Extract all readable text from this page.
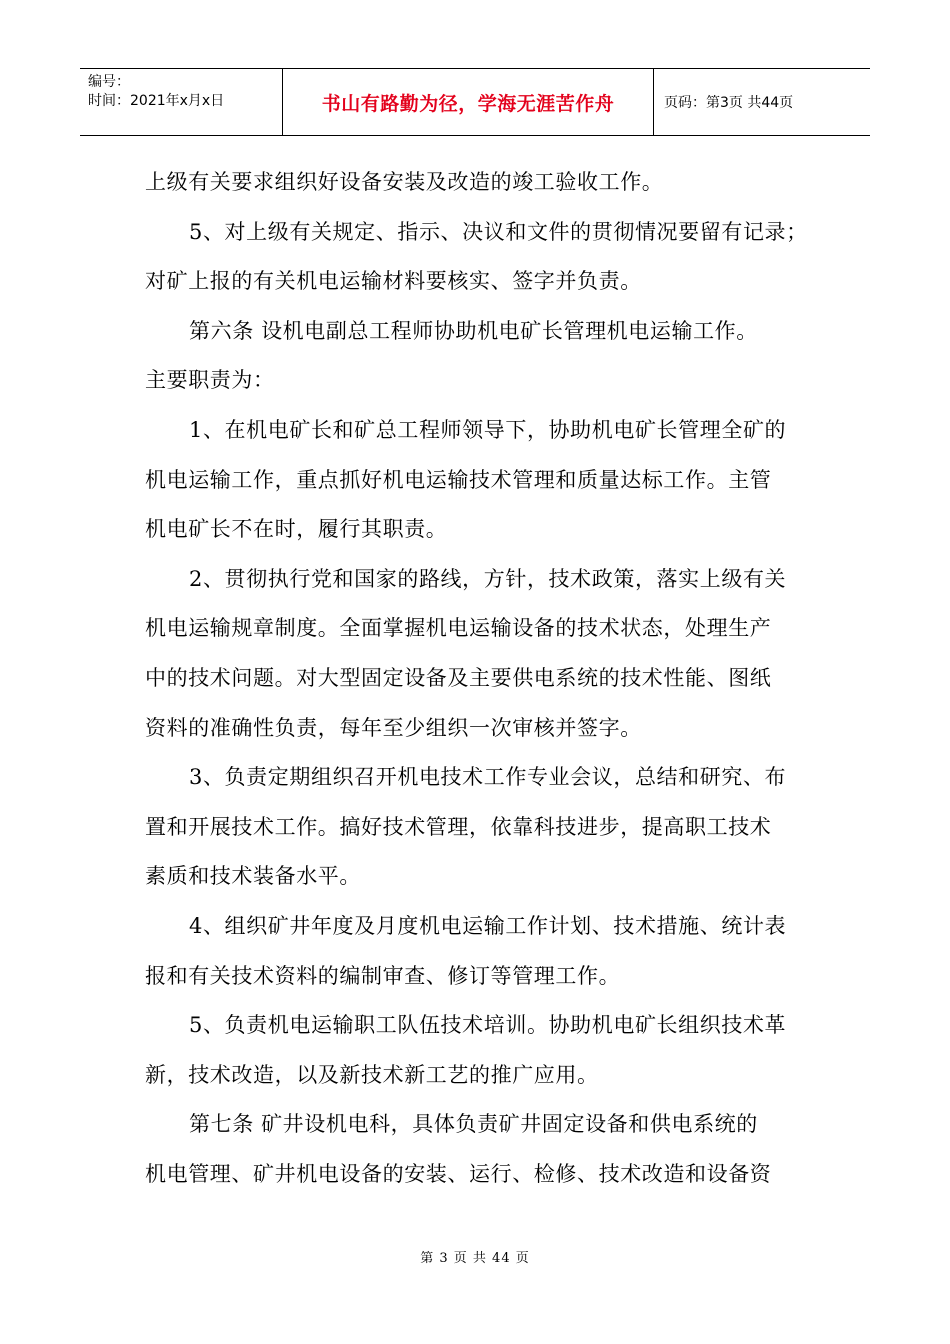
编号：
时间：2021年x月x日	书山有路勤为径，学海无涯苦作舟	页码：第3页 共44页
上级有关要求组织好设备安装及改造的竣工验收工作。
5、对上级有关规定、指示、决议和文件的贯彻情况要留有记录；
对矿上报的有关机电运输材料要核实、签字并负责。
第六条 设机电副总工程师协助机电矿长管理机电运输工作。
主要职责为：
1、在机电矿长和矿总工程师领导下，协助机电矿长管理全矿的
机电运输工作，重点抓好机电运输技术管理和质量达标工作。主管
机电矿长不在时，履行其职责。
2、贯彻执行党和国家的路线，方针，技术政策，落实上级有关
机电运输规章制度。全面掌握机电运输设备的技术状态，处理生产
中的技术问题。对大型固定设备及主要供电系统的技术性能、图纸
资料的准确性负责，每年至少组织一次审核并签字。
3、负责定期组织召开机电技术工作专业会议，总结和研究、布
置和开展技术工作。搞好技术管理，依靠科技进步，提高职工技术
素质和技术装备水平。
4、组织矿井年度及月度机电运输工作计划、技术措施、统计表
报和有关技术资料的编制审查、修订等管理工作。
5、负责机电运输职工队伍技术培训。协助机电矿长组织技术革
新，技术改造，以及新技术新工艺的推广应用。
第七条 矿井设机电科，具体负责矿井固定设备和供电系统的
机电管理、矿井机电设备的安装、运行、检修、技术改造和设备资
第 3 页 共 44 页
